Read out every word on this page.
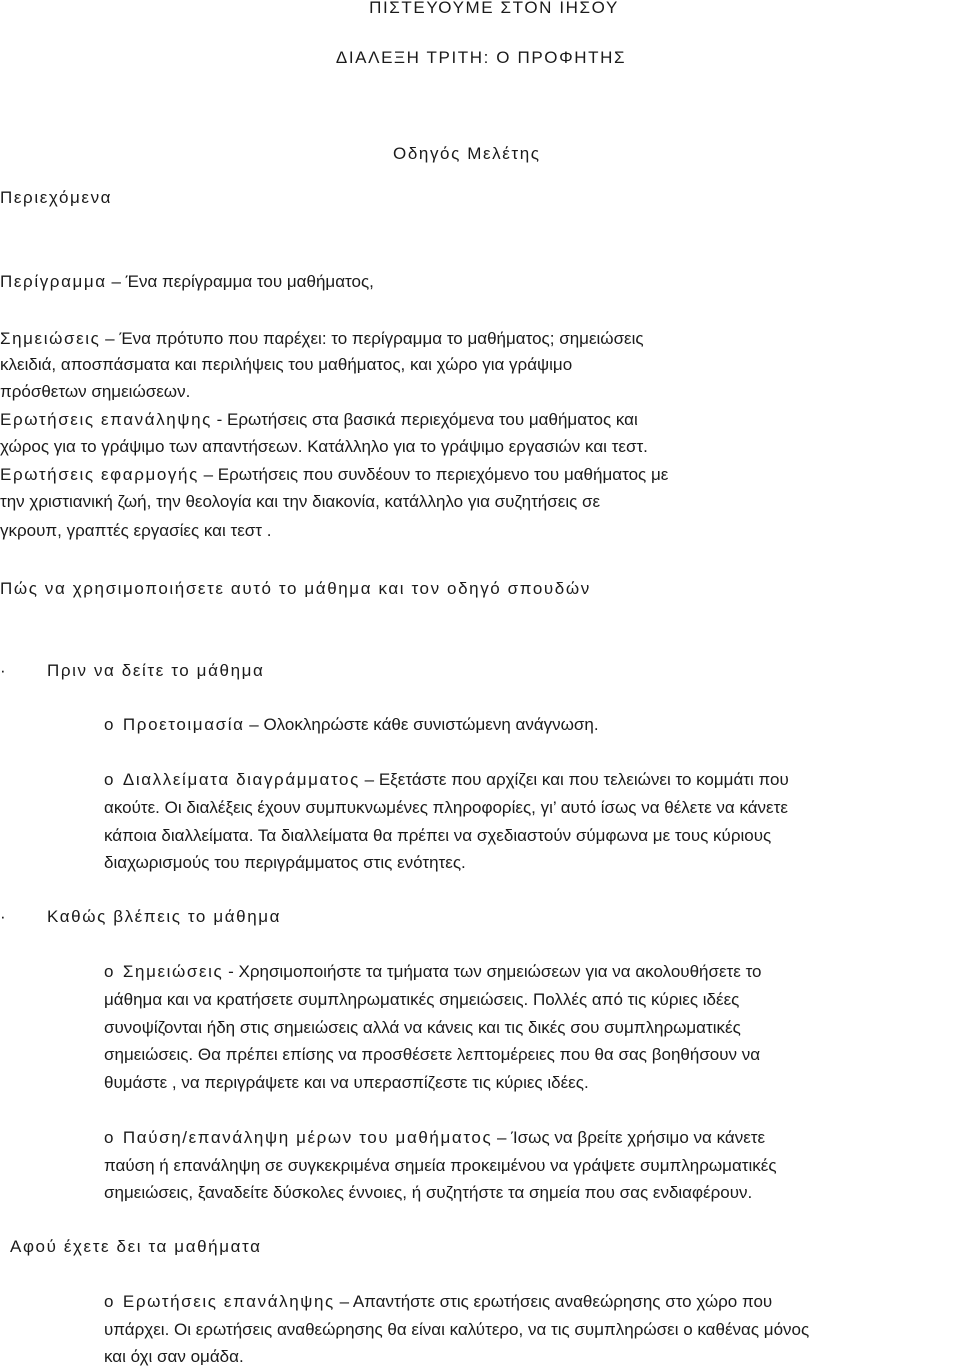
ΠΙΣΤΕΥΟΥΜΕ ΣΤΟΝ ΙΗΣΟΥ
ΔΙΑΛΕΞΗ ΤΡΙΤΗ: Ο ΠΡΟΦΗΤΗΣ
Οδηγός Μελέτης
Περιεχόμενα
Περίγραμμα – Ένα περίγραμμα του μαθήματος,
Σημειώσεις – Ένα πρότυπο που παρέχει: το περίγραμμα το μαθήματος; σημειώσεις
κλειδιά, αποσπάσματα και περιλήψεις του μαθήματος, και χώρο για γράψιμο
πρόσθετων σημειώσεων.
Ερωτήσεις επανάληψης - Ερωτήσεις στα βασικά περιεχόμενα του μαθήματος και
χώρος για το γράψιμο των απαντήσεων. Κατάλληλο για το γράψιμο εργασιών και τεστ.
Ερωτήσεις εφαρμογής – Ερωτήσεις που συνδέουν το περιεχόμενο του μαθήματος με
την χριστιανική ζωή, την θεολογία και την διακονία, κατάλληλο για συζητήσεις σε
γκρουπ, γραπτές εργασίες και τεστ .
Πώς να χρησιμοποιήσετε αυτό το μάθημα και τον οδηγό σπουδών
· Πριν να δείτε το μάθημα
o Προετοιμασία – Ολοκληρώστε κάθε συνιστώμενη ανάγνωση.
o Διαλλείματα διαγράμματος – Εξετάστε που αρχίζει και που τελειώνει το κομμάτι που
ακούτε. Οι διαλέξεις έχουν συμπυκνωμένες πληροφορίες, γι’ αυτό ίσως να θέλετε να κάνετε
κάποια διαλλείματα. Τα διαλλείματα θα πρέπει να σχεδιαστούν σύμφωνα με τους κύριους
διαχωρισμούς του περιγράμματος στις ενότητες.
· Καθώς βλέπεις το μάθημα
o Σημειώσεις - Χρησιμοποιήστε τα τμήματα των σημειώσεων για να ακολουθήσετε το
μάθημα και να κρατήσετε συμπληρωματικές σημειώσεις. Πολλές από τις κύριες ιδέες
συνοψίζονται ήδη στις σημειώσεις αλλά να κάνεις και τις δικές σου συμπληρωματικές
σημειώσεις. Θα πρέπει επίσης να προσθέσετε λεπτομέρειες που θα σας βοηθήσουν να
θυμάστε , να περιγράψετε και να υπερασπίζεστε τις κύριες ιδέες.
o Παύση/επανάληψη μέρων του μαθήματος – Ίσως να βρείτε χρήσιμο να κάνετε
παύση ή επανάληψη σε συγκεκριμένα σημεία προκειμένου να γράψετε συμπληρωματικές
σημειώσεις, ξαναδείτε δύσκολες έννοιες, ή συζητήστε τα σημεία που σας ενδιαφέρουν.
Αφού έχετε δει τα μαθήματα
o Ερωτήσεις επανάληψης – Απαντήστε στις ερωτήσεις αναθεώρησης στο χώρο που
υπάρχει. Οι ερωτήσεις αναθεώρησης θα είναι καλύτερο, να τις συμπληρώσει ο καθένας μόνος
και όχι σαν ομάδα.
